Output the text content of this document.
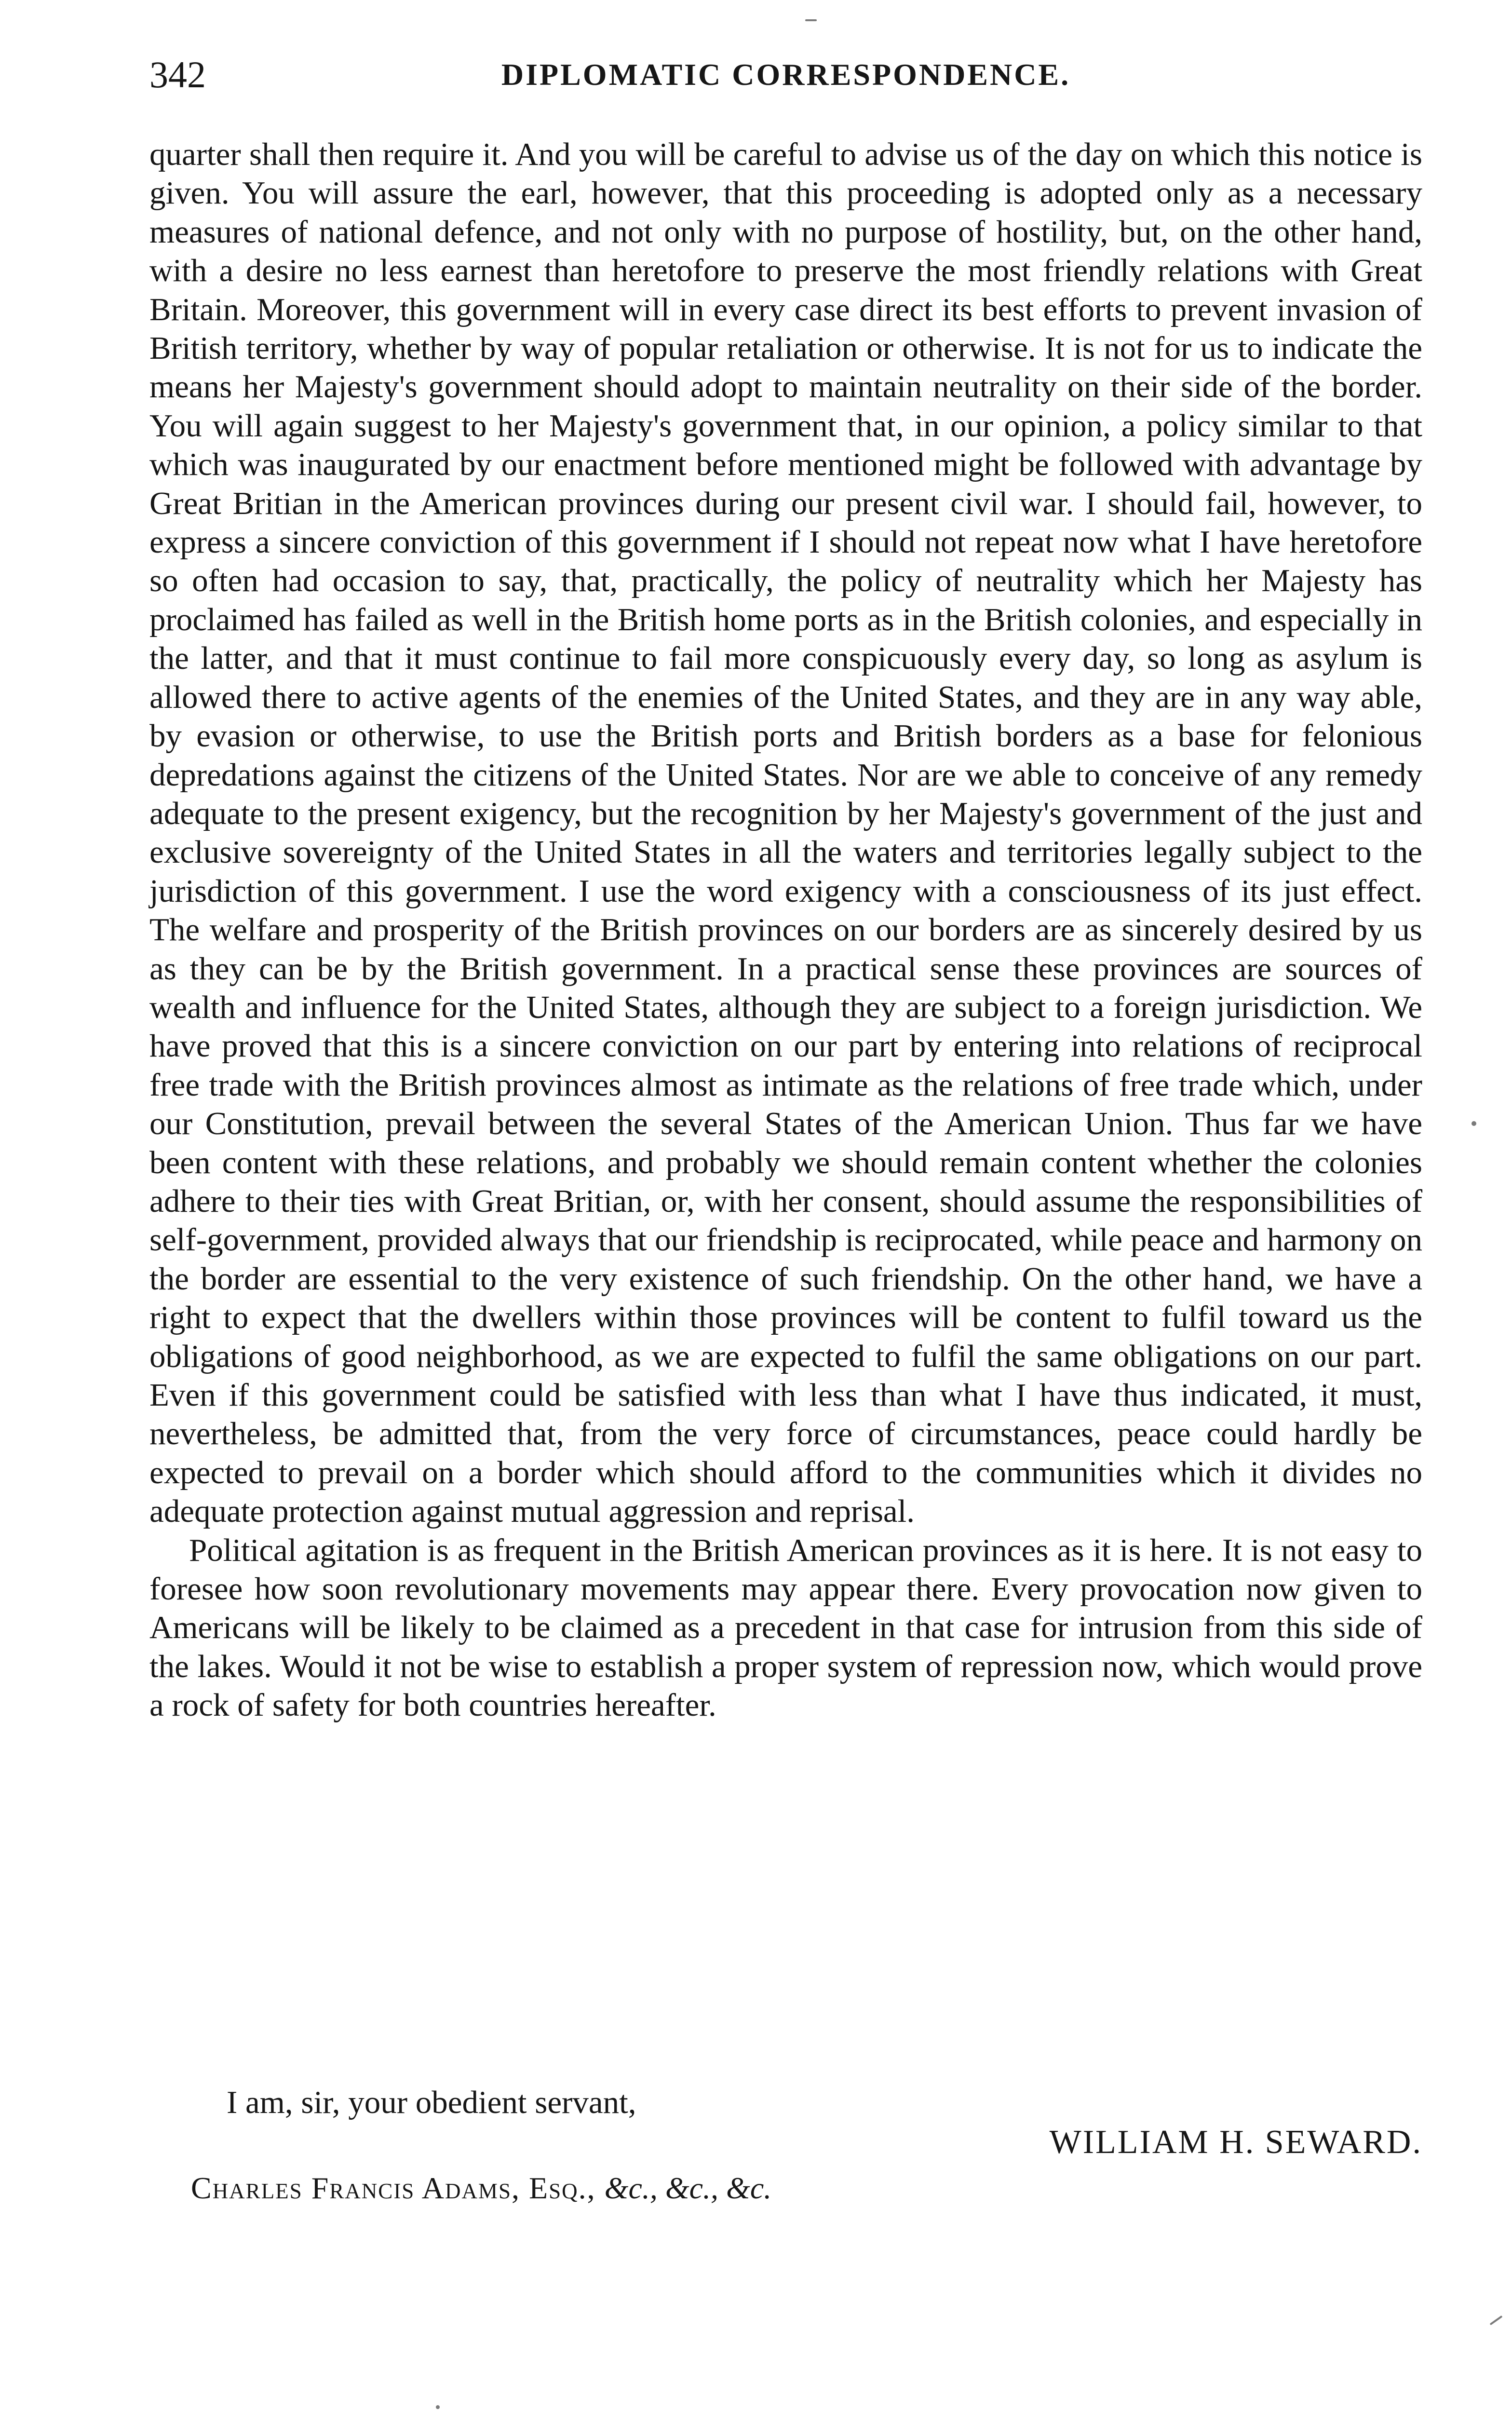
342	DIPLOMATIC CORRESPONDENCE.

quarter shall then require it. And you will be careful to advise us of the day on which this notice is given. You will assure the earl, however, that this proceeding is adopted only as a necessary measures of national defence, and not only with no purpose of hostility, but, on the other hand, with a desire no less earnest than heretofore to preserve the most friendly relations with Great Britain. Moreover, this government will in every case direct its best efforts to prevent invasion of British territory, whether by way of popular retaliation or otherwise. It is not for us to indicate the means her Majesty's government should adopt to maintain neutrality on their side of the border. You will again suggest to her Majesty's government that, in our opinion, a policy similar to that which was inaugurated by our enactment before mentioned might be followed with advantage by Great Britian in the American provinces during our present civil war. I should fail, however, to express a sincere conviction of this government if I should not repeat now what I have heretofore so often had occasion to say, that, practically, the policy of neutrality which her Majesty has proclaimed has failed as well in the British home ports as in the British colonies, and especially in the latter, and that it must continue to fail more conspicuously every day, so long as asylum is allowed there to active agents of the enemies of the United States, and they are in any way able, by evasion or otherwise, to use the British ports and British borders as a base for felonious depredations against the citizens of the United States. Nor are we able to conceive of any remedy adequate to the present exigency, but the recognition by her Majesty's government of the just and exclusive sovereignty of the United States in all the waters and territories legally subject to the jurisdiction of this government. I use the word exigency with a consciousness of its just effect. The welfare and prosperity of the British provinces on our borders are as sincerely desired by us as they can be by the British government. In a practical sense these provinces are sources of wealth and influence for the United States, although they are subject to a foreign jurisdiction. We have proved that this is a sincere conviction on our part by entering into relations of reciprocal free trade with the British provinces almost as intimate as the relations of free trade which, under our Constitution, prevail between the several States of the American Union. Thus far we have been content with these relations, and probably we should remain content whether the colonies adhere to their ties with Great Britian, or, with her consent, should assume the responsibilities of self-government, provided always that our friendship is reciprocated, while peace and harmony on the border are essential to the very existence of such friendship. On the other hand, we have a right to expect that the dwellers within those provinces will be content to fulfil toward us the obligations of good neighborhood, as we are expected to fulfil the same obligations on our part. Even if this government could be satisfied with less than what I have thus indicated, it must, nevertheless, be admitted that, from the very force of circumstances, peace could hardly be expected to prevail on a border which should afford to the communities which it divides no adequate protection against mutual aggression and reprisal.

Political agitation is as frequent in the British American provinces as it is here. It is not easy to foresee how soon revolutionary movements may appear there. Every provocation now given to Americans will be likely to be claimed as a precedent in that case for intrusion from this side of the lakes. Would it not be wise to establish a proper system of repression now, which would prove a rock of safety for both countries hereafter.

I am, sir, your obedient servant,
WILLIAM H. SEWARD.
Charles Francis Adams, Esq., &c., &c., &c.
